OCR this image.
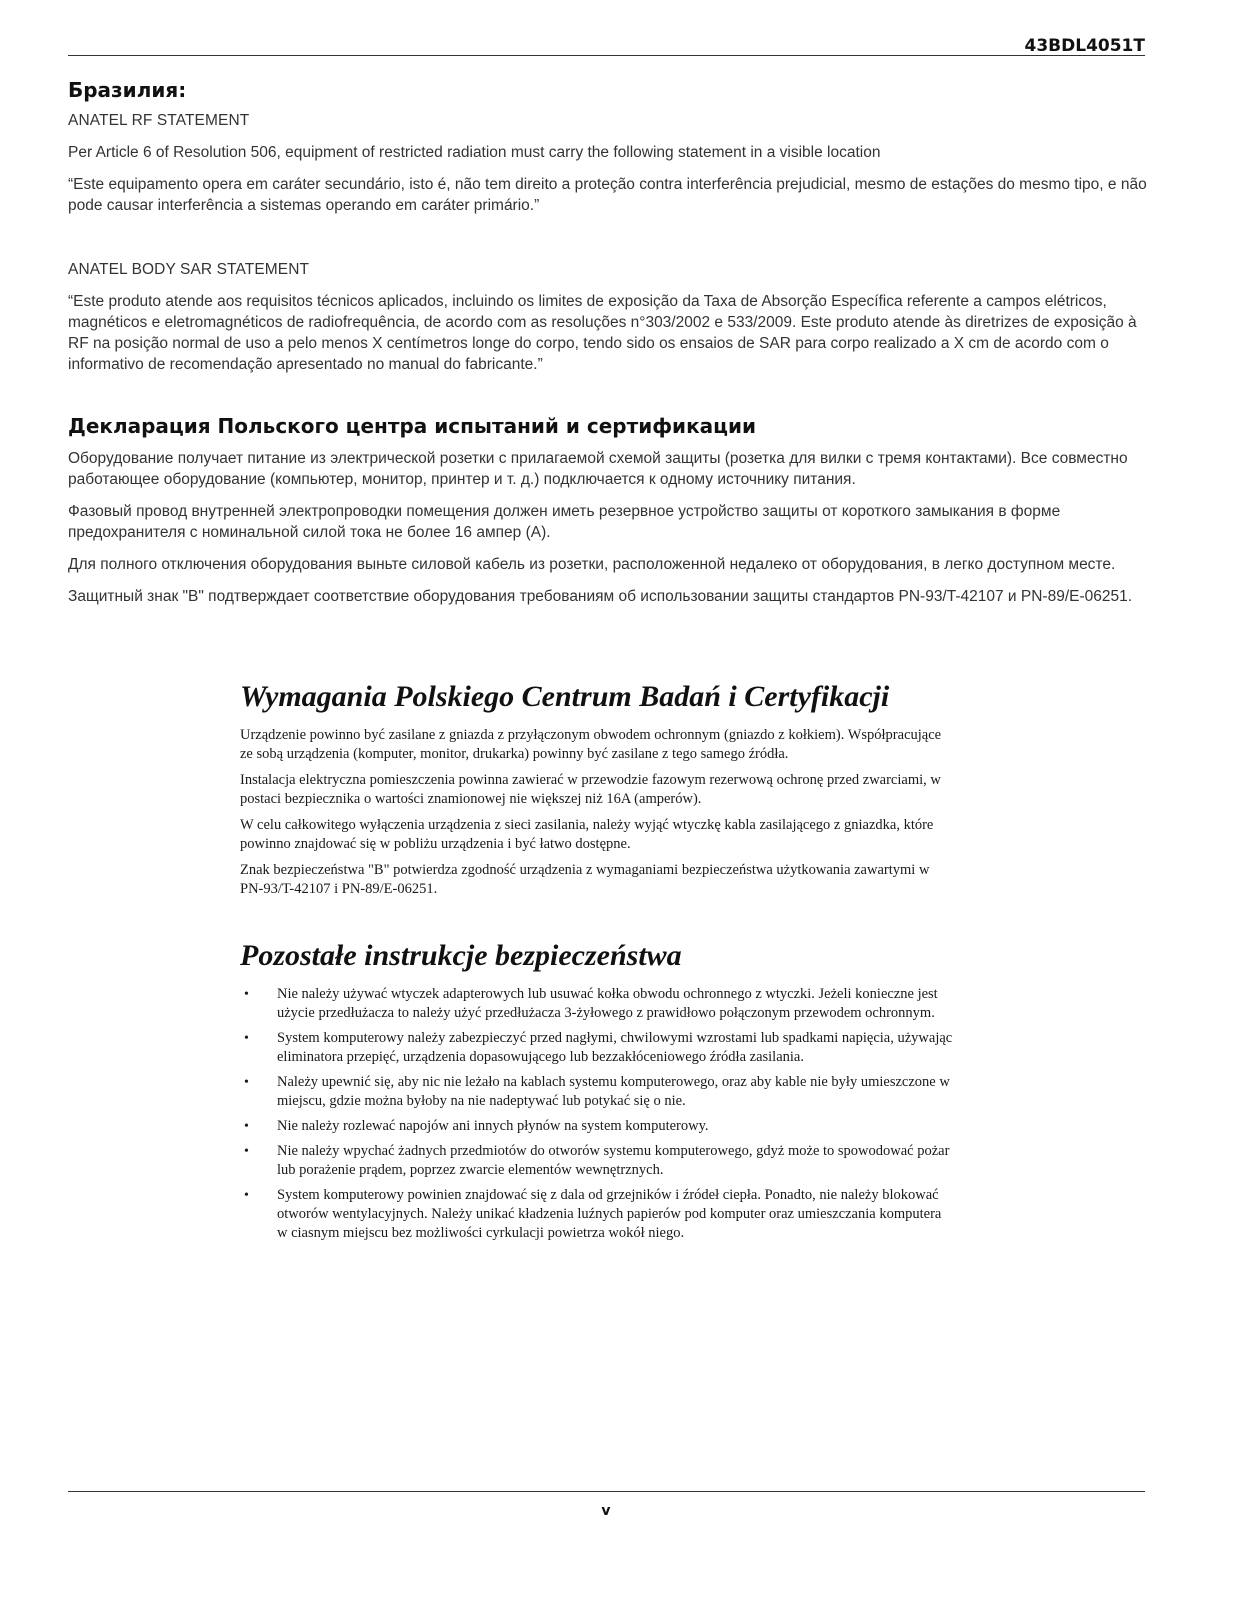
43BDL4051T
Бразилия:
ANATEL RF STATEMENT

Per Article 6 of Resolution 506, equipment of restricted radiation must carry the following statement in a visible location

“Este equipamento opera em caráter secundário, isto é, não tem direito a proteção contra interferência prejudicial, mesmo de estações do mesmo tipo, e não pode causar interferência a sistemas operando em caráter primário.”

ANATEL BODY SAR STATEMENT

“Este produto atende aos requisitos técnicos aplicados, incluindo os limites de exposição da Taxa de Absorção Específica referente a campos elétricos, magnéticos e eletromagnéticos de radiofrequência, de acordo com as resoluções n°303/2002 e 533/2009. Este produto atende às diretrizes de exposição à RF na posição normal de uso a pelo menos X centímetros longe do corpo, tendo sido os ensaios de SAR para corpo realizado a X cm de acordo com o informativo de recomendação apresentado no manual do fabricante.”

Декларация Польского центра испытаний и сертификации

Оборудование получает питание из электрической розетки с прилагаемой схемой защиты (розетка для вилки с тремя контактами). Все совместно работающее оборудование (компьютер, монитор, принтер и т. д.) подключается к одному источнику питания.

Фазовый провод внутренней электропроводки помещения должен иметь резервное устройство защиты от короткого замыкания в форме предохранителя с номинальной силой тока не более 16 ампер (A).

Для полного отключения оборудования выньте силовой кабель из розетки, расположенной недалеко от оборудования, в легко доступном месте.

Защитный знак "B" подтверждает соответствие оборудования требованиям об использовании защиты стандартов PN-93/T-42107 и PN-89/E-06251.

Wymagania Polskiego Centrum Badań i Certyfikacji

Urządzenie powinno być zasilane z gniazda z przyłączonym obwodem ochronnym (gniazdo z kołkiem). Współpracujące ze sobą urządzenia (komputer, monitor, drukarka) powinny być zasilane z tego samego źródła.

Instalacja elektryczna pomieszczenia powinna zawierać w przewodzie fazowym rezerwową ochronę przed zwarciami, w postaci bezpiecznika o wartości znamionowej nie większej niż 16A (amperów).

W celu całkowitego wyłączenia urządzenia z sieci zasilania, należy wyjąć wtyczkę kabla zasilającego z gniazdka, które powinno znajdować się w pobliżu urządzenia i być łatwo dostępne.

Znak bezpieczeństwa "B" potwierdza zgodność urządzenia z wymaganiami bezpieczeństwa użytkowania zawartymi w PN-93/T-42107 i PN-89/E-06251.

Pozostałe instrukcje bezpieczeństwa
• Nie należy używać wtyczek adapterowych lub usuwać kołka obwodu ochronnego z wtyczki. Jeżeli konieczne jest użycie przedłużacza to należy użyć przedłużacza 3-żyłowego z prawidłowo połączonym przewodem ochronnym.
• System komputerowy należy zabezpieczyć przed nagłymi, chwilowymi wzrostami lub spadkami napięcia, używając eliminatora przepięć, urządzenia dopasowującego lub bezzakłóceniowego źródła zasilania.
• Należy upewnić się, aby nic nie leżało na kablach systemu komputerowego, oraz aby kable nie były umieszczone w miejscu, gdzie można byłoby na nie nadeptywać lub potykać się o nie.
• Nie należy rozlewać napojów ani innych płynów na system komputerowy.
• Nie należy wpychać żadnych przedmiotów do otworów systemu komputerowego, gdyż może to spowodować pożar lub porażenie prądem, poprzez zwarcie elementów wewnętrznych.
• System komputerowy powinien znajdować się z dala od grzejników i źródeł ciepła. Ponadto, nie należy blokować otworów wentylacyjnych. Należy unikać kładzenia luźnych papierów pod komputer oraz umieszczania komputera w ciasnym miejscu bez możliwości cyrkulacji powietrza wokół niego.
v
